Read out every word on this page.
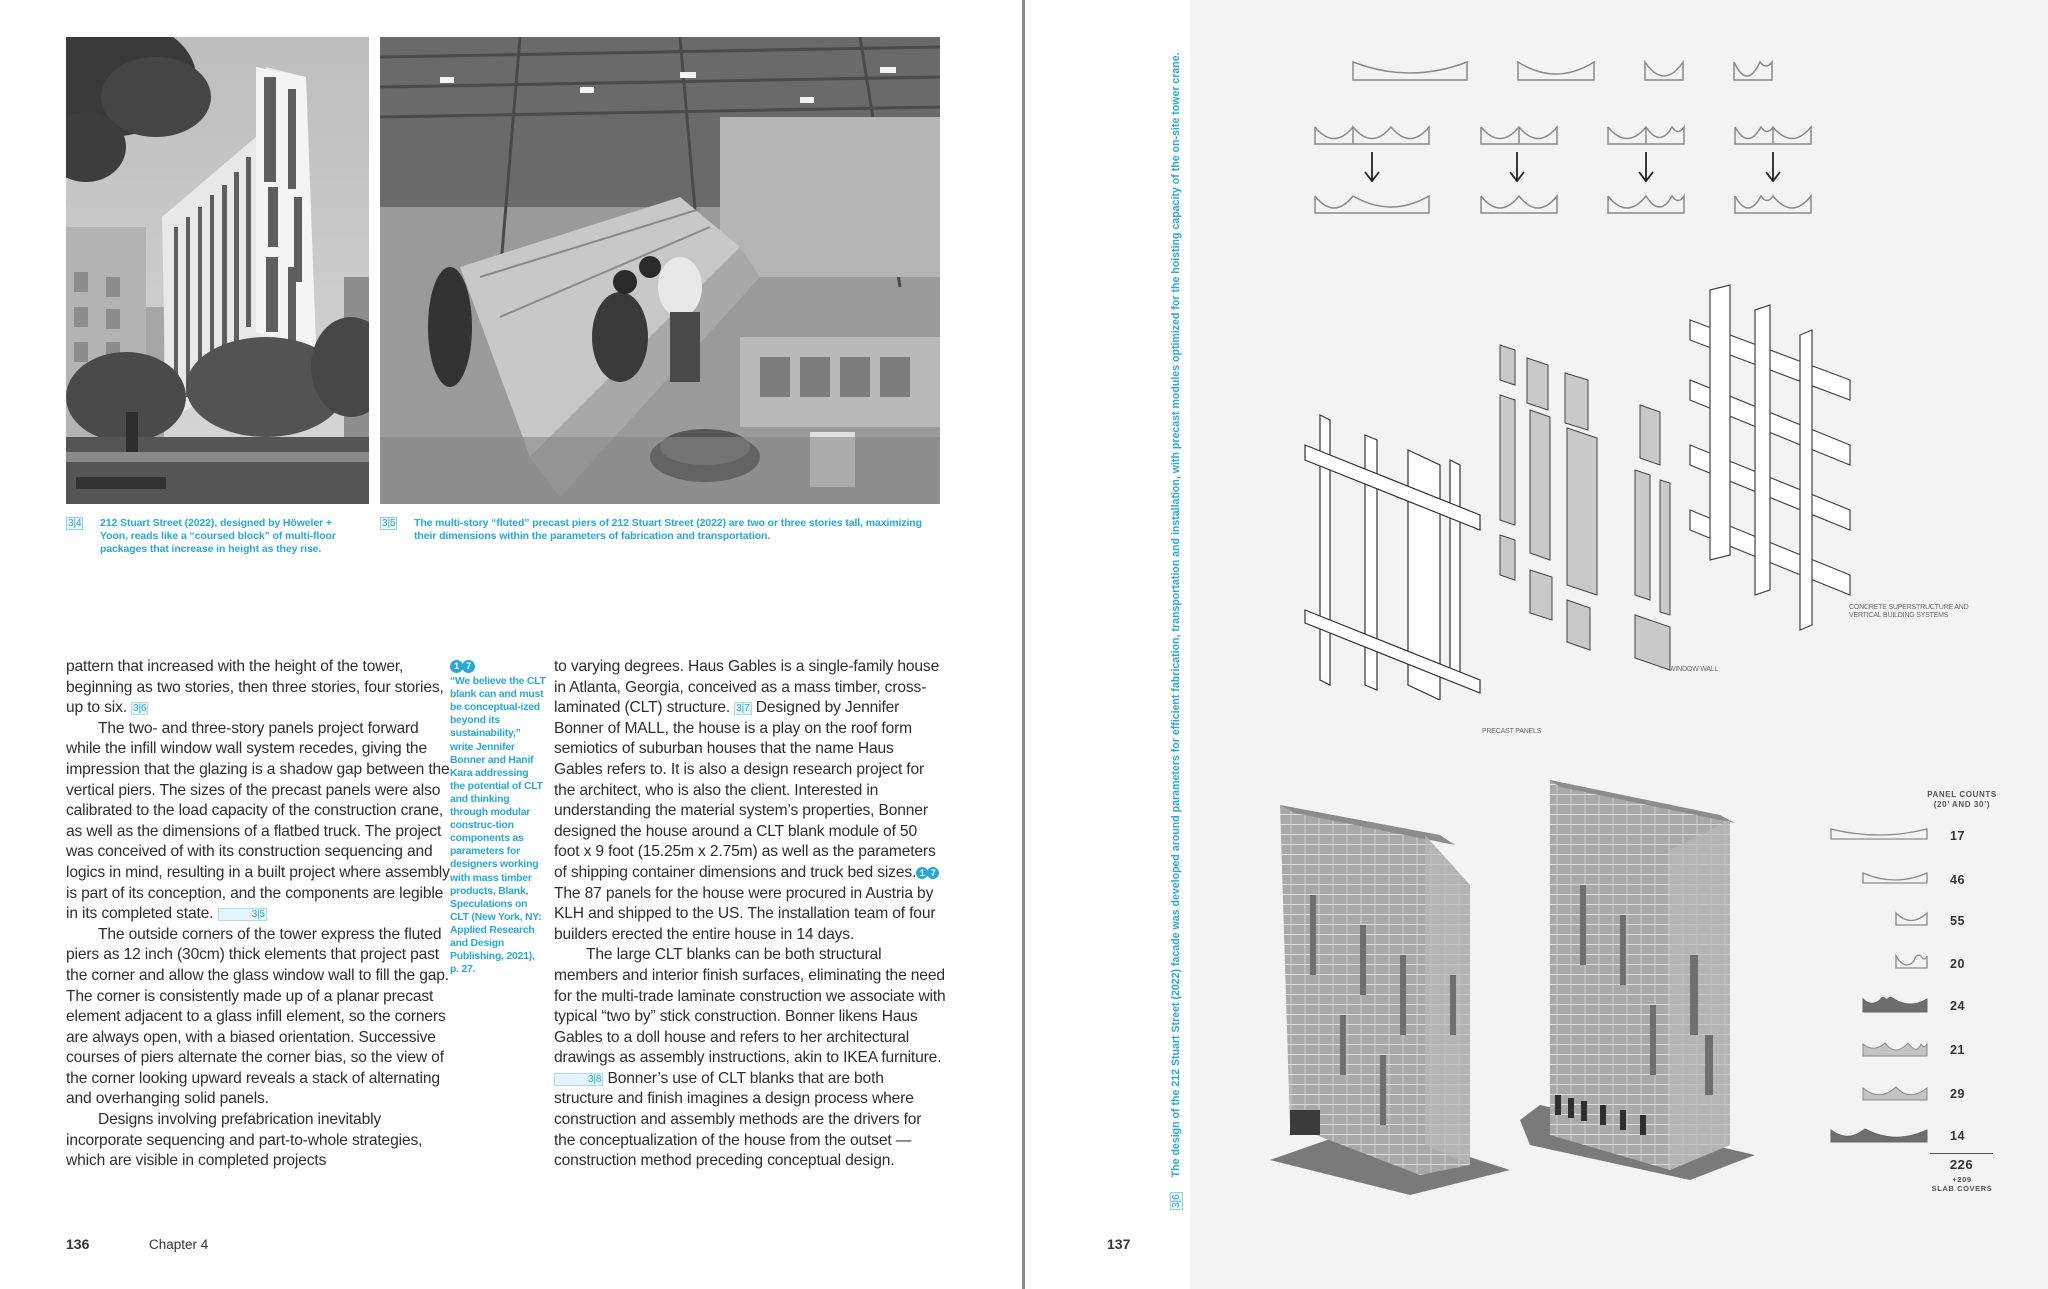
3|4 212 Stuart Street (2022), designed by Höweler + Yoon, reads like a “coursed block” of multi-floor packages that increase in height as they rise.
3|5 The multi-story “fluted” precast piers of 212 Stuart Street (2022) are two or three stories tall, maximizing their dimensions within the parameters of fabrication and transportation.

pattern that increased with the height of the tower, beginning as two stories, then three stories, four stories, up to six. 3|6

The two- and three-story panels project forward while the infill window wall system recedes, giving the impression that the glazing is a shadow gap between the vertical piers. The sizes of the precast panels were also calibrated to the load capacity of the construction crane, as well as the dimensions of a flatbed truck. The project was conceived of with its construction sequencing and logics in mind, resulting in a built project where assembly is part of its conception, and the components are legible in its completed state.	3|5

The outside corners of the tower express the fluted piers as 12 inch (30cm) thick elements that project past the corner and allow the glass window wall to fill the gap. The corner is consistently made up of a planar precast element adjacent to a glass infill element, so the corners are always open, with a biased orientation. Successive courses of piers alternate the corner bias, so the view of the corner looking upward reveals a stack of alternating and overhanging solid panels.

Designs involving prefabrication inevitably incorporate sequencing and part-to-whole strategies, which are visible in completed projects

1 7
“We believe the CLT blank can and must be conceptual-ized beyond its sustainability,” write Jennifer Bonner and Hanif Kara addressing the potential of CLT and thinking through modular construc-tion components as parameters for designers working with mass timber products, Blank, Speculations on CLT (New York, NY: Applied Research and Design Publishing, 2021), p. 27.

to varying degrees. Haus Gables is a single-family house in Atlanta, Georgia, conceived as a mass timber, cross-laminated (CLT) structure. 3|7 Designed by Jennifer Bonner of MALL, the house is a play on the roof form semiotics of suburban houses that the name Haus Gables refers to. It is also a design research project for the architect, who is also the client. Interested in understanding the material system’s properties, Bonner designed the house around a CLT blank module of 50 foot x 9 foot (15.25m x 2.75m) as well as the parameters of shipping container dimensions and truck bed sizes. 1 7 The 87 panels for the house were procured in Austria by KLH and shipped to the US. The installation team of four builders erected the entire house in 14 days.

The large CLT blanks can be both structural members and interior finish surfaces, eliminating the need for the multi-trade laminate construction we associate with typical “two by” stick construction. Bonner likens Haus Gables to a doll house and refers to her architectural drawings as assembly instructions, akin to IKEA furniture. 3|8 Bonner’s use of CLT blanks that are both structure and finish imagines a design process where construction and assembly methods are the drivers for the conceptualization of the house from the outset — construction method preceding conceptual design.

136	Chapter 4
3|6 The design of the 212 Stuart Street (2022) facade was developed around parameters for efficient fabrication, transportation and installation, with precast modules optimized for the hoisting capacity of the on-site tower crane.	CONCRETE SUPERSTRUCTURE AND VERTICAL BUILDING SYSTEMS
WINDOW WALL
PRECAST PANELS
PANEL COUNTS
(20’ AND 30’)
17
46
55
20
24
21
29
14
226
+209
SLAB COVERS
137
